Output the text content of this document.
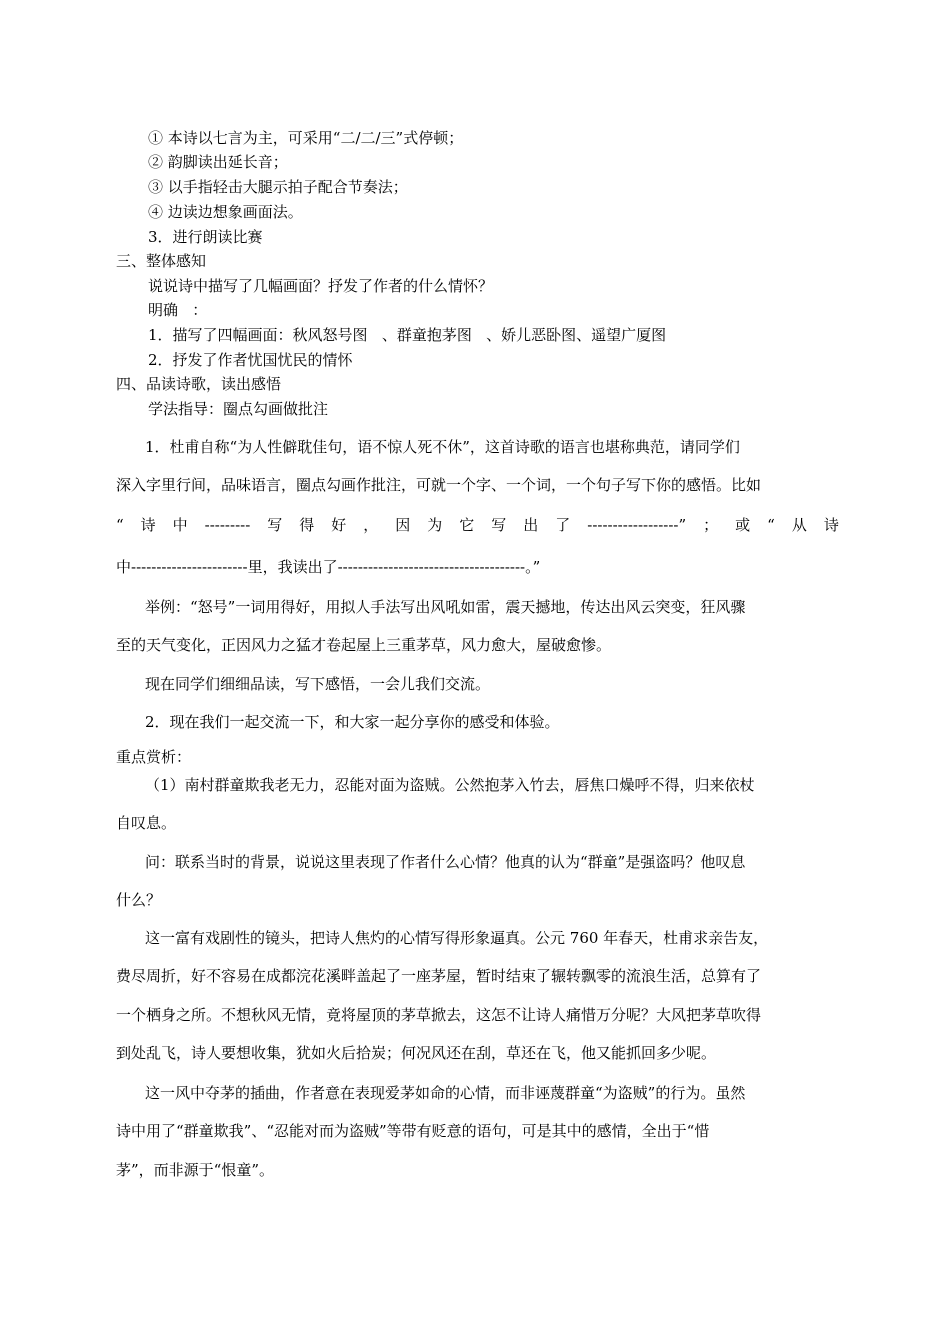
① 本诗以七言为主，可采用“二/二/三”式停顿；
② 韵脚读出延长音；
③ 以手指轻击大腿示拍子配合节奏法；
④ 边读边想象画面法。
3．进行朗读比赛
三、整体感知
说说诗中描写了几幅画面？抒发了作者的什么情怀？
明确   ：
1．描写了四幅画面：秋风怒号图   、群童抱茅图   、娇儿恶卧图、遥望广厦图
2．抒发了作者忧国忧民的情怀
四、品读诗歌，读出感悟
学法指导：圈点勾画做批注
1．杜甫自称“为人性僻耽佳句，语不惊人死不休”，这首诗歌的语言也堪称典范，请同学们
深入字里行间，品味语言，圈点勾画作批注，可就一个字、一个词，一个句子写下你的感悟。比如
“ 诗 中 --------- 写 得 好 ， 因 为 它 写 出 了 ------------------” ； 或 “ 从 诗
中-----------------------里，我读出了-------------------------------------。”
举例：“怒号”一词用得好，用拟人手法写出风吼如雷，震天撼地，传达出风云突变，狂风骤
至的天气变化，正因风力之猛才卷起屋上三重茅草，风力愈大，屋破愈惨。
现在同学们细细品读，写下感悟，一会儿我们交流。
2．现在我们一起交流一下，和大家一起分享你的感受和体验。
重点赏析：
（1）南村群童欺我老无力，忍能对面为盗贼。公然抱茅入竹去，唇焦口燥呼不得，归来依杖
自叹息。
问：联系当时的背景，说说这里表现了作者什么心情？他真的认为“群童”是强盗吗？他叹息
什么？
这一富有戏剧性的镜头，把诗人焦灼的心情写得形象逼真。公元 760 年春天，杜甫求亲告友，
费尽周折，好不容易在成都浣花溪畔盖起了一座茅屋，暂时结束了辗转飘零的流浪生活，总算有了
一个栖身之所。不想秋风无情，竟将屋顶的茅草掀去，这怎不让诗人痛惜万分呢？大风把茅草吹得
到处乱飞，诗人要想收集，犹如火后拾炭；何况风还在刮，草还在飞，他又能抓回多少呢。
这一风中夺茅的插曲，作者意在表现爱茅如命的心情，而非诬蔑群童“为盗贼”的行为。虽然
诗中用了“群童欺我”、“忍能对而为盗贼”等带有贬意的语句，可是其中的感情，全出于“惜
茅”，而非源于“恨童”。
